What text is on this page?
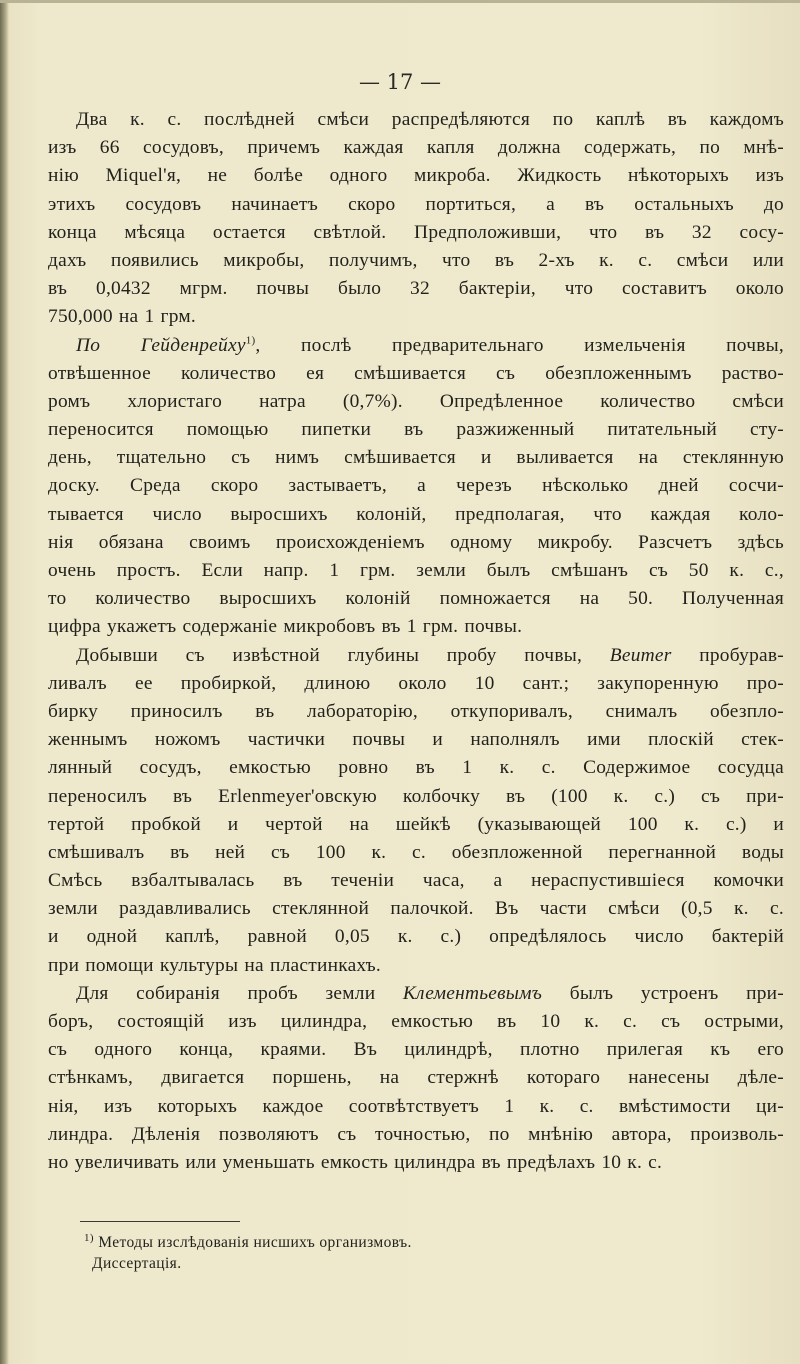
— 17 —
Два к. с. послѣдней смѣси распредѣляются по каплѣ въ каждомъ
изъ 66 сосудовъ, причемъ каждая капля должна содержать, по мнѣ-
нію Міquel'я, не болѣе одного микроба. Жидкость нѣкоторыхъ изъ
этихъ сосудовъ начинаетъ скоро портиться, а въ остальныхъ до
конца мѣсяца остается свѣтлой. Предположивши, что въ 32 сосу-
дахъ появились микробы, получимъ, что въ 2-хъ к. с. смѣси или
въ 0,0432 мгрм. почвы было 32 бактеріи, что составитъ около
750,000 на 1 грм.
По Гейденрейху$^{1)}$, послѣ предварительнаго измельченія почвы,
отвѣшенное количество ея смѣшивается съ обезпложеннымъ раство-
ромъ хлористаго натра (0,7%). Опредѣленное количество смѣси
переносится помощью пипетки въ разжиженный питательный сту-
день, тщательно съ нимъ смѣшивается и выливается на стеклянную
доску. Среда скоро застываетъ, а черезъ нѣсколько дней сосчи-
тывается число выросшихъ колоній, предполагая, что каждая коло-
нія обязана своимъ происхожденіемъ одному микробу. Разсчетъ здѣсь
очень простъ. Если напр. 1 грм. земли былъ смѣшанъ съ 50 к. с.,
то количество выросшихъ колоній помножается на 50. Полученная
цифра укажетъ содержаніе микробовъ въ 1 грм. почвы.
Добывши съ извѣстной глубины пробу почвы, Beumer пробурав-
ливалъ ее пробиркой, длиною около 10 сант.; закупоренную про-
бирку приносилъ въ лабораторію, откупоривалъ, снималъ обезпло-
женнымъ ножомъ частички почвы и наполнялъ ими плоскій стек-
лянный сосудъ, емкостью ровно въ 1 к. с. Содержимое сосудца
переносилъ въ Erlenmeyer'овскую колбочку въ (100 к. с.) съ при-
тертой пробкой и чертой на шейкѣ (указывающей 100 к. с.) и
смѣшивалъ въ ней съ 100 к. с. обезпложенной перегнанной воды
Смѣсь взбалтывалась въ теченіи часа, а нераспустившіеся комочки
земли раздавливались стеклянной палочкой. Въ части смѣси (0,5 к. с.
и одной каплѣ, равной 0,05 к. с.) опредѣлялось число бактерій
при помощи культуры на пластинкахъ.
Для собиранія пробъ земли Клементьевымъ былъ устроенъ при-
боръ, состоящій изъ цилиндра, емкостью въ 10 к. с. съ острыми,
съ одного конца, краями. Въ цилиндрѣ, плотно прилегая къ его
стѣнкамъ, двигается поршень, на стержнѣ котораго нанесены дѣле-
нія, изъ которыхъ каждое соотвѣтствуетъ 1 к. с. вмѣстимости ци-
линдра. Дѣленія позволяютъ съ точностью, по мнѣнію автора, произволь-
но увеличивать или уменьшать емкость цилиндра въ предѣлахъ 10 к. с.
$^{1)}$ Методы изслѣдованія нисшихъ организмовъ.
Диссертація.
